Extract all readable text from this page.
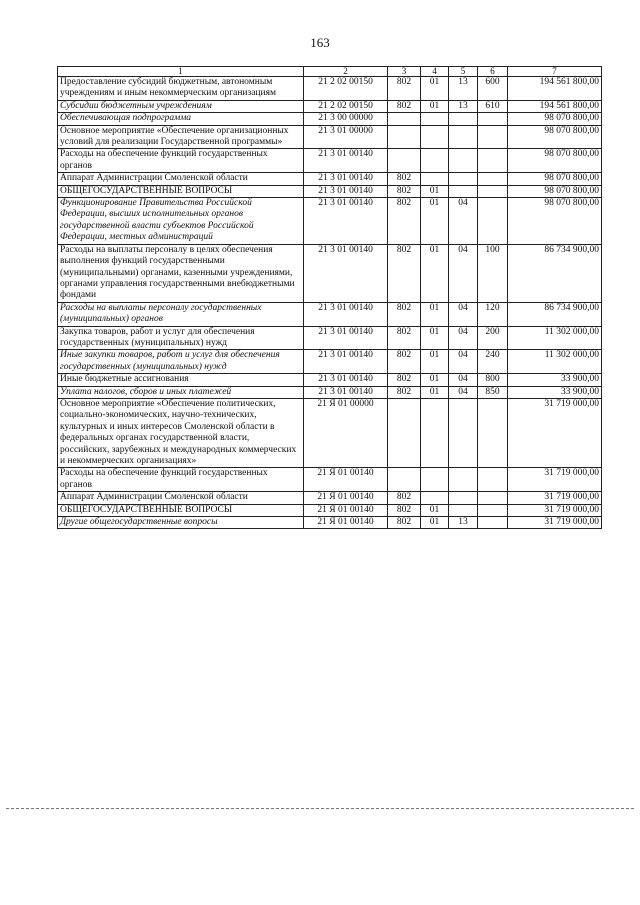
163
1	2	3	4	5	6	7
Предоставление субсидий бюджетным, автономным учреждениям и иным некоммерческим организациям	21 2 02 00150	802	01	13	600	194 561 800,00
Субсидии бюджетным учреждениям	21 2 02 00150	802	01	13	610	194 561 800,00
Обеспечивающая подпрограмма	21 3 00 00000					98 070 800,00
Основное мероприятие «Обеспечение организационных условий для реализации Государственной программы»	21 3 01 00000					98 070 800,00
Расходы на обеспечение функций государственных органов	21 3 01 00140					98 070 800,00
Аппарат Администрации Смоленской области	21 3 01 00140	802				98 070 800,00
ОБЩЕГОСУДАРСТВЕННЫЕ ВОПРОСЫ	21 3 01 00140	802	01			98 070 800,00
Функционирование Правительства Российской Федерации, высших исполнительных органов государственной власти субъектов Российской Федерации, местных администраций	21 3 01 00140	802	01	04		98 070 800,00
Расходы на выплаты персоналу в целях обеспечения выполнения функций государственными (муниципальными) органами, казенными учреждениями, органами управления государственными внебюджетными фондами	21 3 01 00140	802	01	04	100	86 734 900,00
Расходы на выплаты персоналу государственных (муниципальных) органов	21 3 01 00140	802	01	04	120	86 734 900,00
Закупка товаров, работ и услуг для обеспечения государственных (муниципальных) нужд	21 3 01 00140	802	01	04	200	11 302 000,00
Иные закупки товаров, работ и услуг для обеспечения государственных (муниципальных) нужд	21 3 01 00140	802	01	04	240	11 302 000,00
Иные бюджетные ассигнования	21 3 01 00140	802	01	04	800	33 900,00
Уплата налогов, сборов и иных платежей	21 3 01 00140	802	01	04	850	33 900,00
Основное мероприятие «Обеспечение политических, социально-экономических, научно-технических, культурных и иных интересов Смоленской области в федеральных органах государственной власти, российских, зарубежных и международных коммерческих и некоммерческих организациях»	21 Я 01 00000					31 719 000,00
Расходы на обеспечение функций государственных органов	21 Я 01 00140					31 719 000,00
Аппарат Администрации Смоленской области	21 Я 01 00140	802				31 719 000,00
ОБЩЕГОСУДАРСТВЕННЫЕ ВОПРОСЫ	21 Я 01 00140	802	01			31 719 000,00
Другие общегосударственные вопросы	21 Я 01 00140	802	01	13		31 719 000,00
